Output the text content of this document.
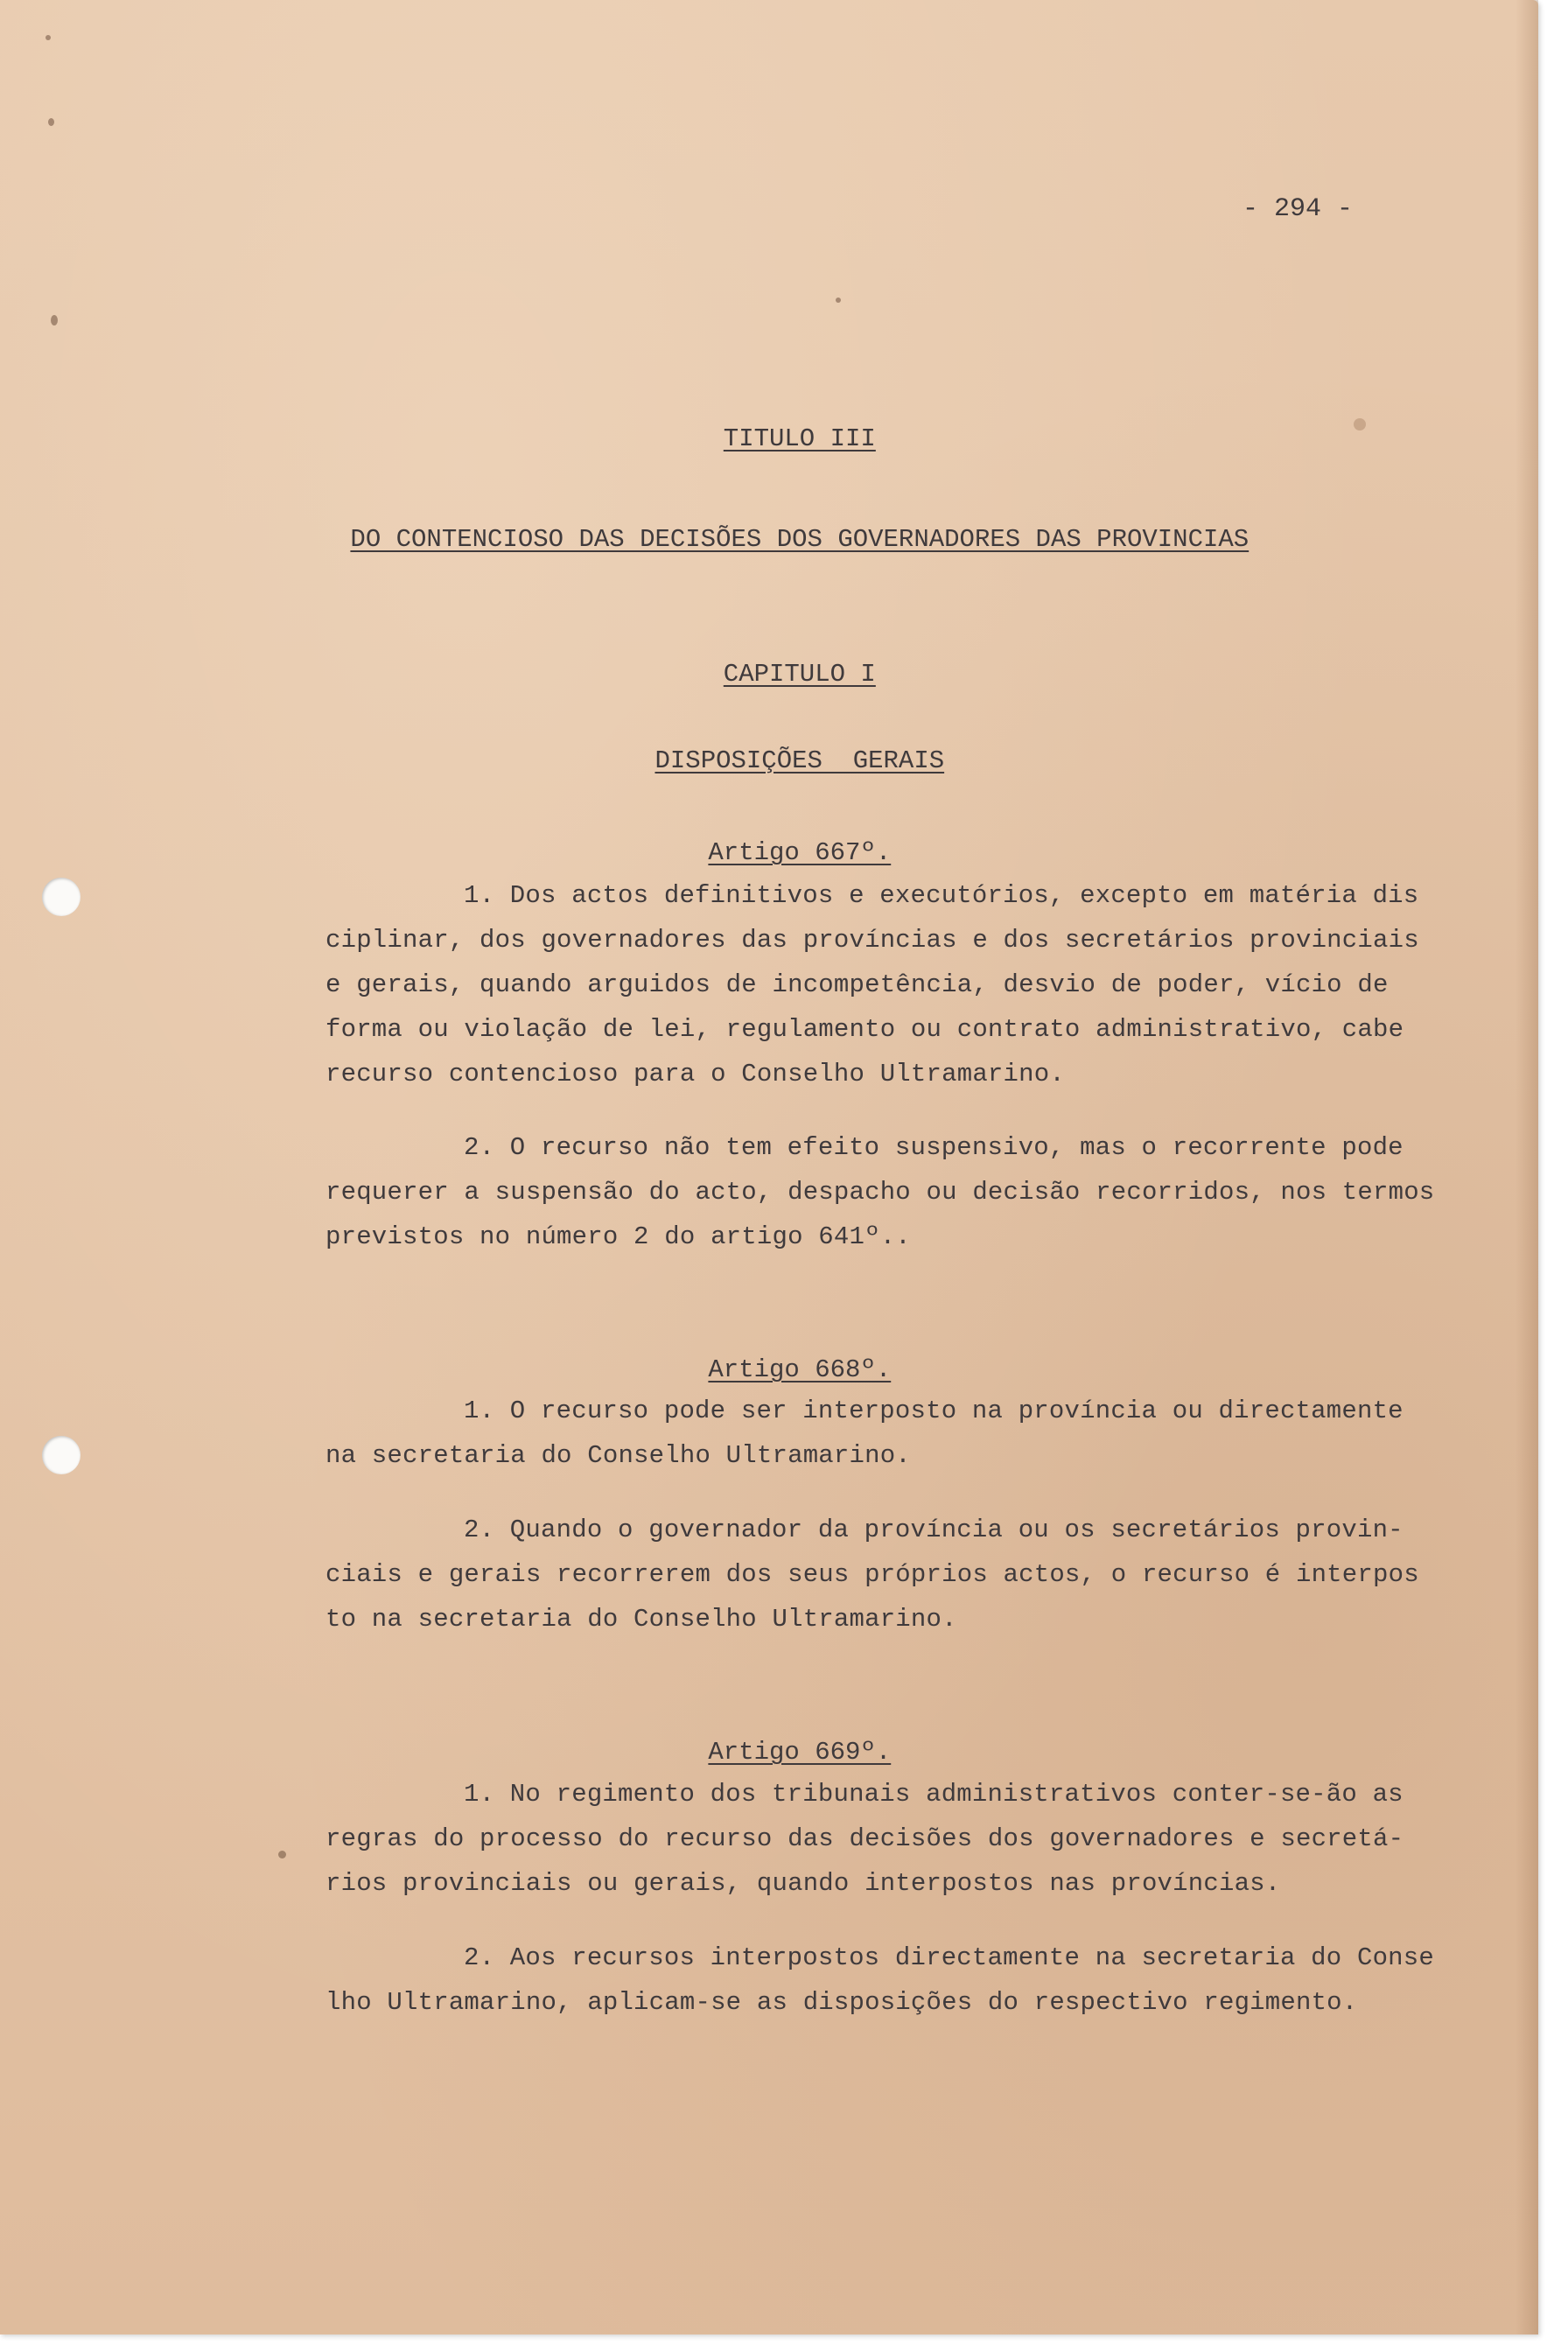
- 294 -

TITULO III

DO CONTENCIOSO DAS DECISÕES DOS GOVERNADORES DAS PROVINCIAS

CAPITULO I

DISPOSIÇÕES  GERAIS

Artigo 667º.

1. Dos actos definitivos e executórios, excepto em matéria dis
ciplinar, dos governadores das províncias e dos secretários provinciais
e gerais, quando arguidos de incompetência, desvio de poder, vício de
forma ou violação de lei, regulamento ou contrato administrativo, cabe
recurso contencioso para o Conselho Ultramarino.
2. O recurso não tem efeito suspensivo, mas o recorrente pode
requerer a suspensão do acto, despacho ou decisão recorridos, nos termos
previstos no número 2 do artigo 641º..

Artigo 668º.

1. O recurso pode ser interposto na província ou directamente
na secretaria do Conselho Ultramarino.
2. Quando o governador da província ou os secretários provin-
ciais e gerais recorrerem dos seus próprios actos, o recurso é interpos
to na secretaria do Conselho Ultramarino.

Artigo 669º.

1. No regimento dos tribunais administrativos conter-se-ão as
regras do processo do recurso das decisões dos governadores e secretá-
rios provinciais ou gerais, quando interpostos nas províncias.
2. Aos recursos interpostos directamente na secretaria do Conse
lho Ultramarino, aplicam-se as disposições do respectivo regimento.
